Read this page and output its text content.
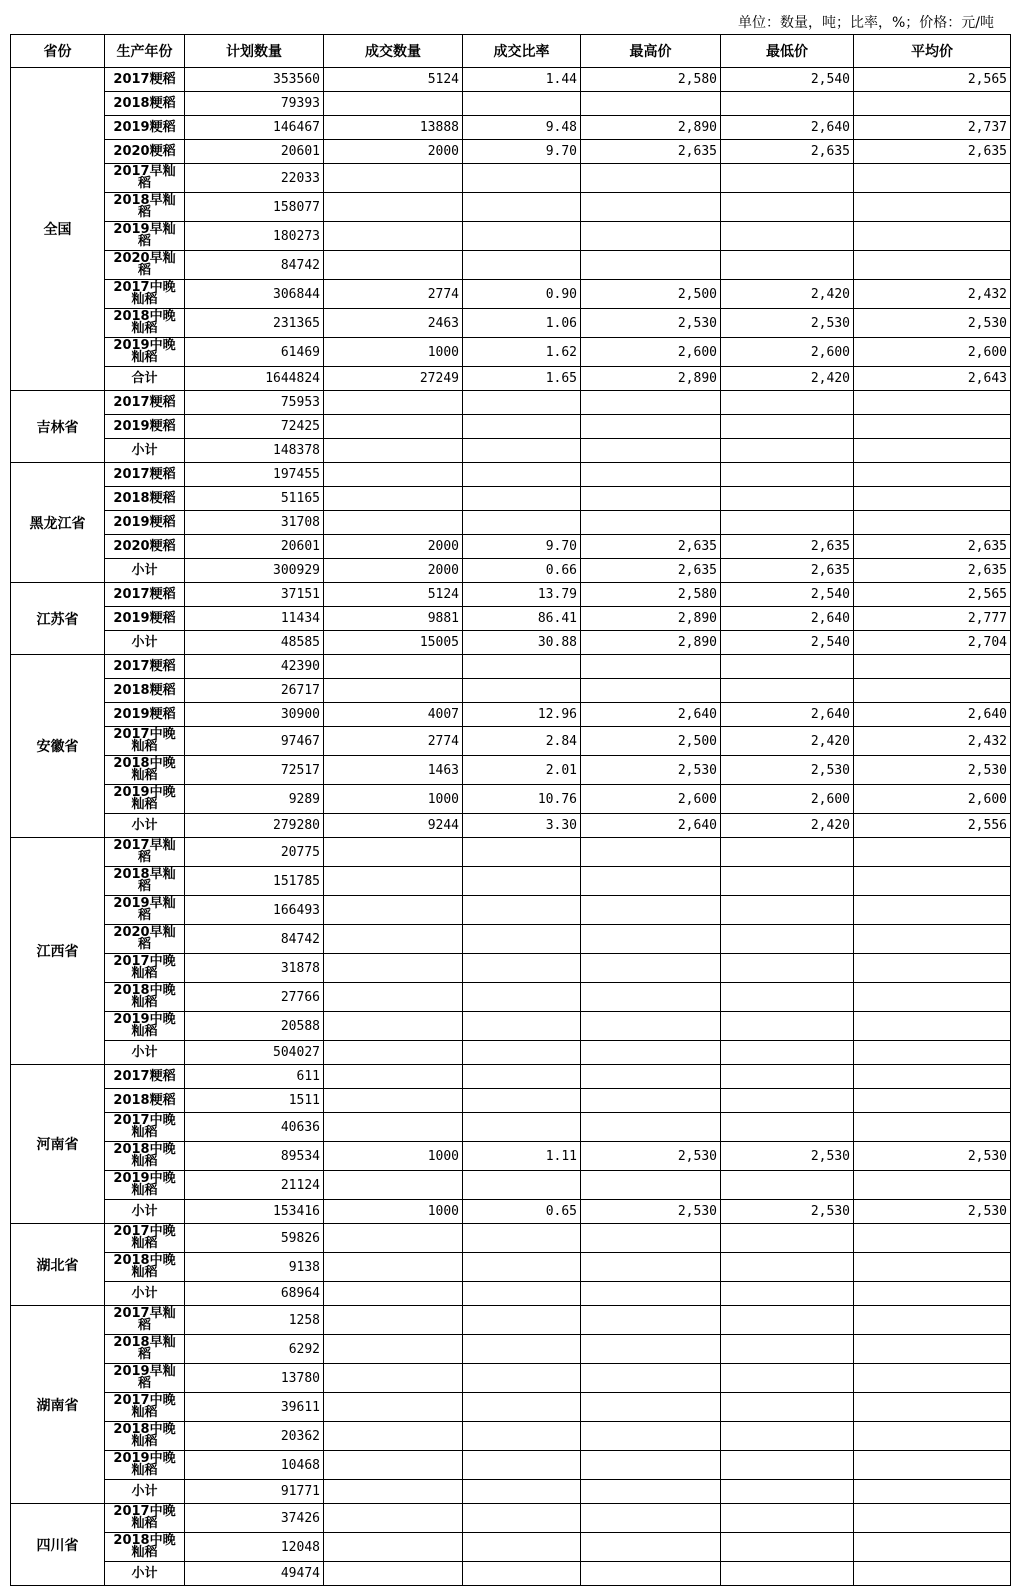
单位：数量，吨；比率，%；价格：元/吨
省份	生产年份	计划数量	成交数量	成交比率	最高价	最低价	平均价
全国	2017粳稻	353560	5124	1.44	2,580	2,540	2,565
	2018粳稻	79393					
	2019粳稻	146467	13888	9.48	2,890	2,640	2,737
	2020粳稻	20601	2000	9.70	2,635	2,635	2,635
	2017早籼稻	22033					
	2018早籼稻	158077					
	2019早籼稻	180273					
	2020早籼稻	84742					
	2017中晚籼稻	306844	2774	0.90	2,500	2,420	2,432
	2018中晚籼稻	231365	2463	1.06	2,530	2,530	2,530
	2019中晚籼稻	61469	1000	1.62	2,600	2,600	2,600
	合计	1644824	27249	1.65	2,890	2,420	2,643
吉林省	2017粳稻	75953					
	2019粳稻	72425					
	小计	148378					
黑龙江省	2017粳稻	197455					
	2018粳稻	51165					
	2019粳稻	31708					
	2020粳稻	20601	2000	9.70	2,635	2,635	2,635
	小计	300929	2000	0.66	2,635	2,635	2,635
江苏省	2017粳稻	37151	5124	13.79	2,580	2,540	2,565
	2019粳稻	11434	9881	86.41	2,890	2,640	2,777
	小计	48585	15005	30.88	2,890	2,540	2,704
安徽省	2017粳稻	42390					
	2018粳稻	26717					
	2019粳稻	30900	4007	12.96	2,640	2,640	2,640
	2017中晚籼稻	97467	2774	2.84	2,500	2,420	2,432
	2018中晚籼稻	72517	1463	2.01	2,530	2,530	2,530
	2019中晚籼稻	9289	1000	10.76	2,600	2,600	2,600
	小计	279280	9244	3.30	2,640	2,420	2,556
江西省	2017早籼稻	20775					
	2018早籼稻	151785					
	2019早籼稻	166493					
	2020早籼稻	84742					
	2017中晚籼稻	31878					
	2018中晚籼稻	27766					
	2019中晚籼稻	20588					
	小计	504027					
河南省	2017粳稻	611					
	2018粳稻	1511					
	2017中晚籼稻	40636					
	2018中晚籼稻	89534	1000	1.11	2,530	2,530	2,530
	2019中晚籼稻	21124					
	小计	153416	1000	0.65	2,530	2,530	2,530
湖北省	2017中晚籼稻	59826					
	2018中晚籼稻	9138					
	小计	68964					
湖南省	2017早籼稻	1258					
	2018早籼稻	6292					
	2019早籼稻	13780					
	2017中晚籼稻	39611					
	2018中晚籼稻	20362					
	2019中晚籼稻	10468					
	小计	91771					
四川省	2017中晚籼稻	37426					
	2018中晚籼稻	12048					
	小计	49474					
